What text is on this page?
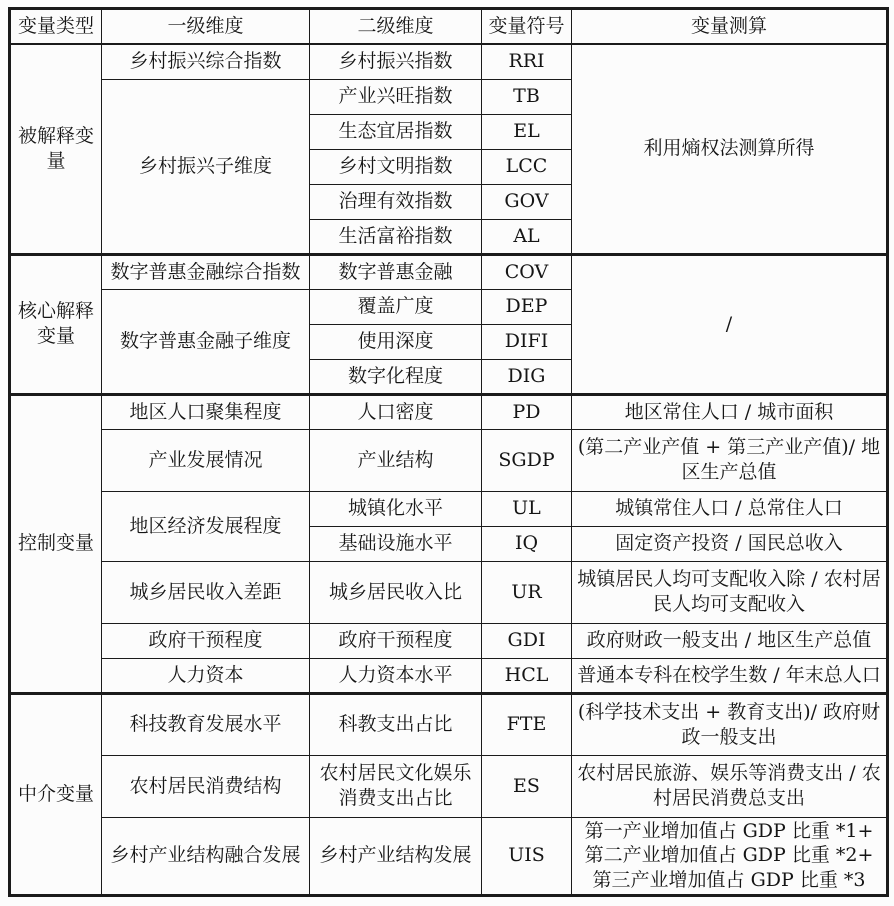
变量类型	一级维度	二级维度	变量符号	变量测算
被解释变量	乡村振兴综合指数	乡村振兴指数	RRI	利用熵权法测算所得
	乡村振兴子维度	产业兴旺指数	TB	
		生态宜居指数	EL	
		乡村文明指数	LCC	
		治理有效指数	GOV	
		生活富裕指数	AL	
核心解释变量	数字普惠金融综合指数	数字普惠金融	COV	/
	数字普惠金融子维度	覆盖广度	DEP	
		使用深度	DIFI	
		数字化程度	DIG	
控制变量	地区人口聚集程度	人口密度	PD	地区常住人口 / 城市面积
	产业发展情况	产业结构	SGDP	(第二产业产值 + 第三产业产值)/ 地区生产总值
	地区经济发展程度	城镇化水平	UL	城镇常住人口 / 总常住人口
		基础设施水平	IQ	固定资产投资 / 国民总收入
	城乡居民收入差距	城乡居民收入比	UR	城镇居民人均可支配收入除 / 农村居民人均可支配收入
	政府干预程度	政府干预程度	GDI	政府财政一般支出 / 地区生产总值
	人力资本	人力资本水平	HCL	普通本专科在校学生数 / 年末总人口
中介变量	科技教育发展水平	科教支出占比	FTE	(科学技术支出 + 教育支出)/ 政府财政一般支出
	农村居民消费结构	农村居民文化娱乐消费支出占比	ES	农村居民旅游、娱乐等消费支出 / 农村居民消费总支出
	乡村产业结构融合发展	乡村产业结构发展	UIS	第一产业增加值占 GDP 比重 *1+
第二产业增加值占 GDP 比重 *2+
第三产业增加值占 GDP 比重 *3
